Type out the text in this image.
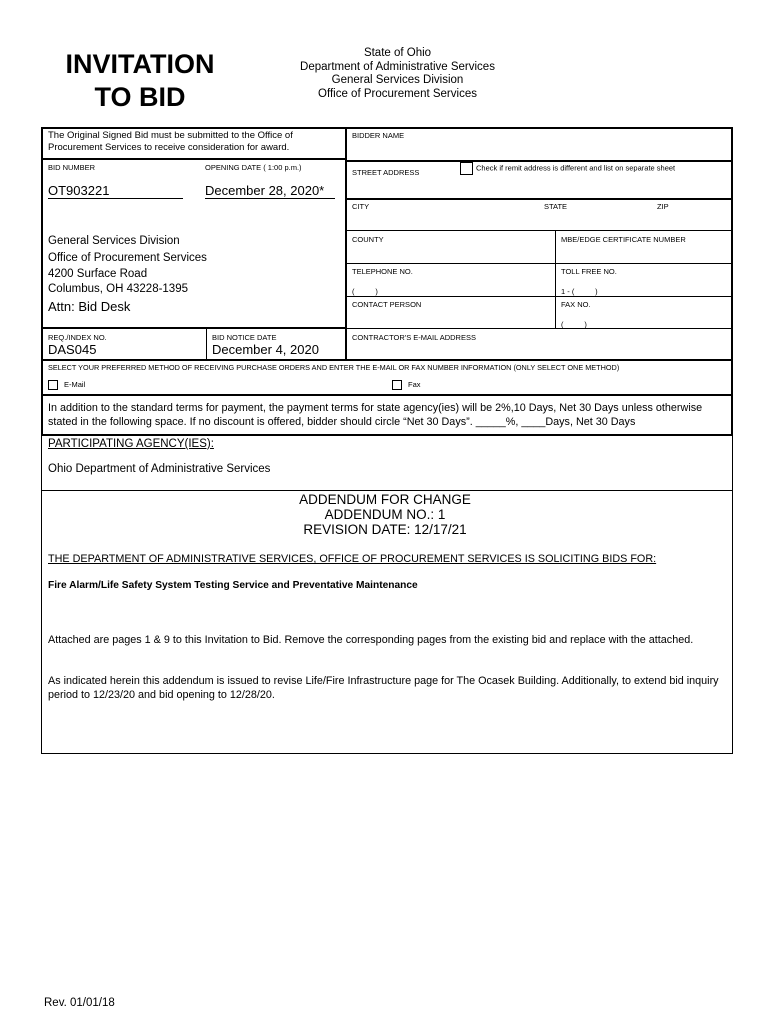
INVITATION
TO BID
State of Ohio
Department of Administrative Services
General Services Division
Office of Procurement Services
The Original Signed Bid must be submitted to the Office of Procurement Services to receive consideration for award.
BID NUMBER	OPENING DATE ( 1:00 p.m.)
OT903221	December 28, 2020*
General Services Division
Office of Procurement Services
4200 Surface Road
Columbus, OH 43228-1395
Attn: Bid Desk
REQ./INDEX NO.
DAS045
BID NOTICE DATE
December 4, 2020
BIDDER NAME
STREET ADDRESS
Check if remit address is different and list on separate sheet
CITY	STATE	ZIP
COUNTY	MBE/EDGE CERTIFICATE NUMBER
TELEPHONE NO.
(          )
TOLL FREE NO.
1 - (          )
CONTACT PERSON	FAX NO.
(          )
CONTRACTOR'S E-MAIL ADDRESS
SELECT YOUR PREFERRED METHOD OF RECEIVING PURCHASE ORDERS AND ENTER THE E-MAIL OR FAX NUMBER INFORMATION (ONLY SELECT ONE METHOD)
E-Mail	Fax
In addition to the standard terms for payment, the payment terms for state agency(ies) will be 2%,10 Days, Net 30 Days unless otherwise stated in the following space. If no discount is offered, bidder should circle “Net 30 Days”. _____%, ____Days, Net 30 Days
PARTICIPATING AGENCY(IES):
Ohio Department of Administrative Services
ADDENDUM FOR CHANGE
ADDENDUM NO.: 1
REVISION DATE: 12/17/21
THE DEPARTMENT OF ADMINISTRATIVE SERVICES, OFFICE OF PROCUREMENT SERVICES IS SOLICITING BIDS FOR:
Fire Alarm/Life Safety System Testing Service and Preventative Maintenance
Attached are pages 1 & 9 to this Invitation to Bid. Remove the corresponding pages from the existing bid and replace with the attached.
As indicated herein this addendum is issued to revise Life/Fire Infrastructure page for The Ocasek Building. Additionally, to extend bid inquiry period to 12/23/20 and bid opening to 12/28/20.
Rev. 01/01/18
